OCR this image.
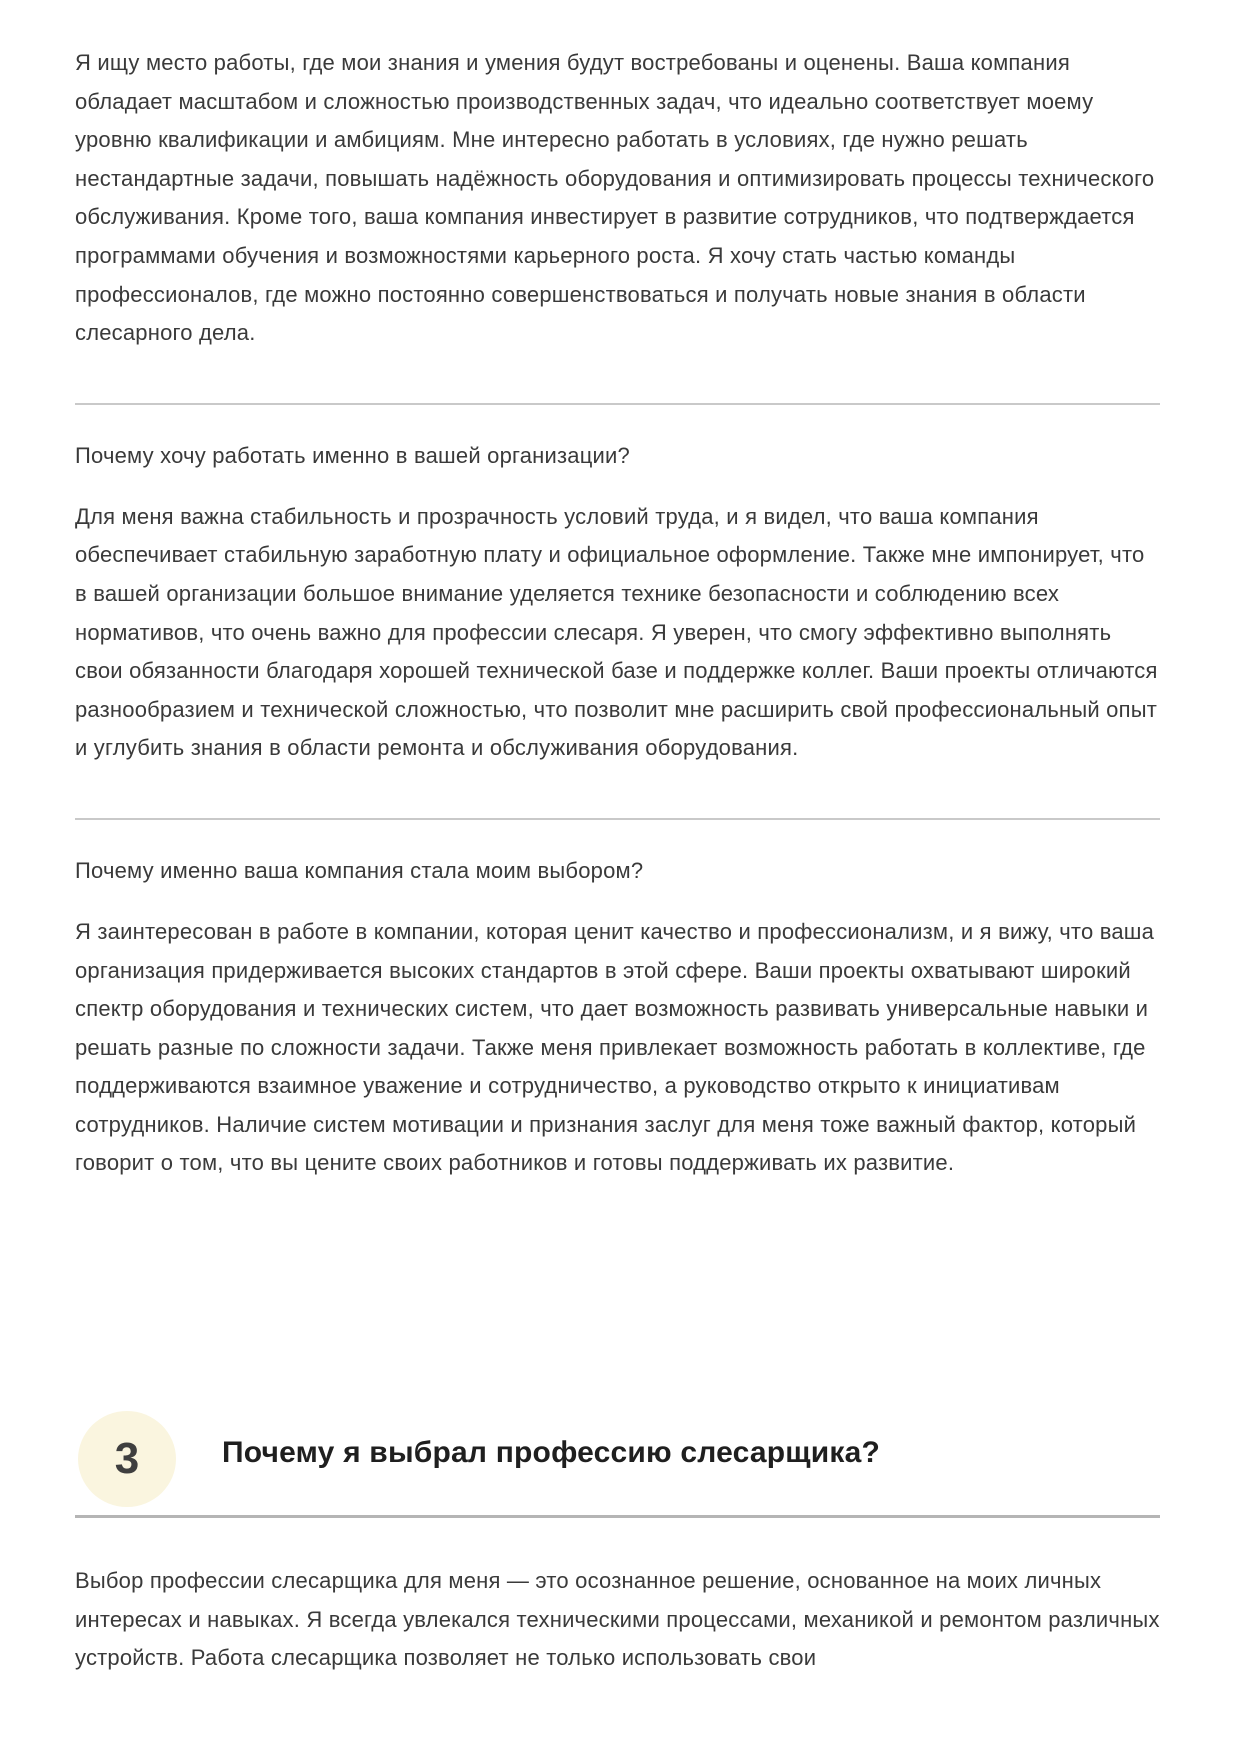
Я ищу место работы, где мои знания и умения будут востребованы и оценены. Ваша компания обладает масштабом и сложностью производственных задач, что идеально соответствует моему уровню квалификации и амбициям. Мне интересно работать в условиях, где нужно решать нестандартные задачи, повышать надёжность оборудования и оптимизировать процессы технического обслуживания. Кроме того, ваша компания инвестирует в развитие сотрудников, что подтверждается программами обучения и возможностями карьерного роста. Я хочу стать частью команды профессионалов, где можно постоянно совершенствоваться и получать новые знания в области слесарного дела.

Почему хочу работать именно в вашей организации?

Для меня важна стабильность и прозрачность условий труда, и я видел, что ваша компания обеспечивает стабильную заработную плату и официальное оформление. Также мне импонирует, что в вашей организации большое внимание уделяется технике безопасности и соблюдению всех нормативов, что очень важно для профессии слесаря. Я уверен, что смогу эффективно выполнять свои обязанности благодаря хорошей технической базе и поддержке коллег. Ваши проекты отличаются разнообразием и технической сложностью, что позволит мне расширить свой профессиональный опыт и углубить знания в области ремонта и обслуживания оборудования.

Почему именно ваша компания стала моим выбором?

Я заинтересован в работе в компании, которая ценит качество и профессионализм, и я вижу, что ваша организация придерживается высоких стандартов в этой сфере. Ваши проекты охватывают широкий спектр оборудования и технических систем, что дает возможность развивать универсальные навыки и решать разные по сложности задачи. Также меня привлекает возможность работать в коллективе, где поддерживаются взаимное уважение и сотрудничество, а руководство открыто к инициативам сотрудников. Наличие систем мотивации и признания заслуг для меня тоже важный фактор, который говорит о том, что вы цените своих работников и готовы поддерживать их развитие.

3	Почему я выбрал профессию слесарщика?

Выбор профессии слесарщика для меня — это осознанное решение, основанное на моих личных интересах и навыках. Я всегда увлекался техническими процессами, механикой и ремонтом различных устройств. Работа слесарщика позволяет не только использовать свои
